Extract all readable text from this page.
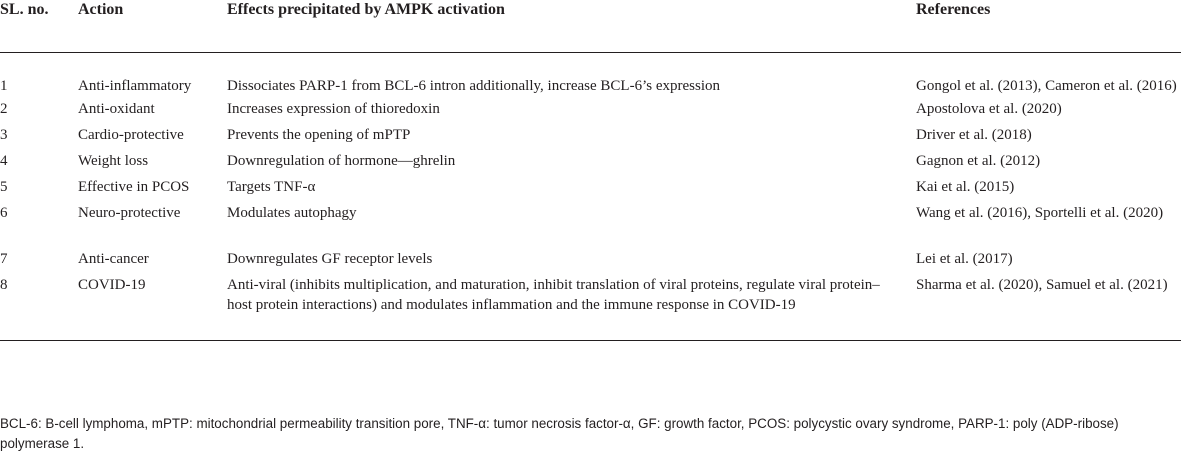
SL. no.	Action	Effects precipitated by AMPK activation	References
1	Anti-inflammatory	Dissociates PARP-1 from BCL-6 intron additionally, increase BCL-6’s expression	Gongol et al. (2013), Cameron et al. (2016)
2	Anti-oxidant	Increases expression of thioredoxin	Apostolova et al. (2020)
3	Cardio-protective	Prevents the opening of mPTP	Driver et al. (2018)
4	Weight loss	Downregulation of hormone—ghrelin	Gagnon et al. (2012)
5	Effective in PCOS	Targets TNF-α	Kai et al. (2015)
6	Neuro-protective	Modulates autophagy	Wang et al. (2016), Sportelli et al. (2020)
7	Anti-cancer	Downregulates GF receptor levels	Lei et al. (2017)
8	COVID-19	Anti-viral (inhibits multiplication, and maturation, inhibit translation of viral proteins, regulate viral protein–host protein interactions) and modulates inflammation and the immune response in COVID-19	Sharma et al. (2020), Samuel et al. (2021)
BCL-6: B-cell lymphoma, mPTP: mitochondrial permeability transition pore, TNF-α: tumor necrosis factor-α, GF: growth factor, PCOS: polycystic ovary syndrome, PARP-1: poly (ADP-ribose) polymerase 1.
